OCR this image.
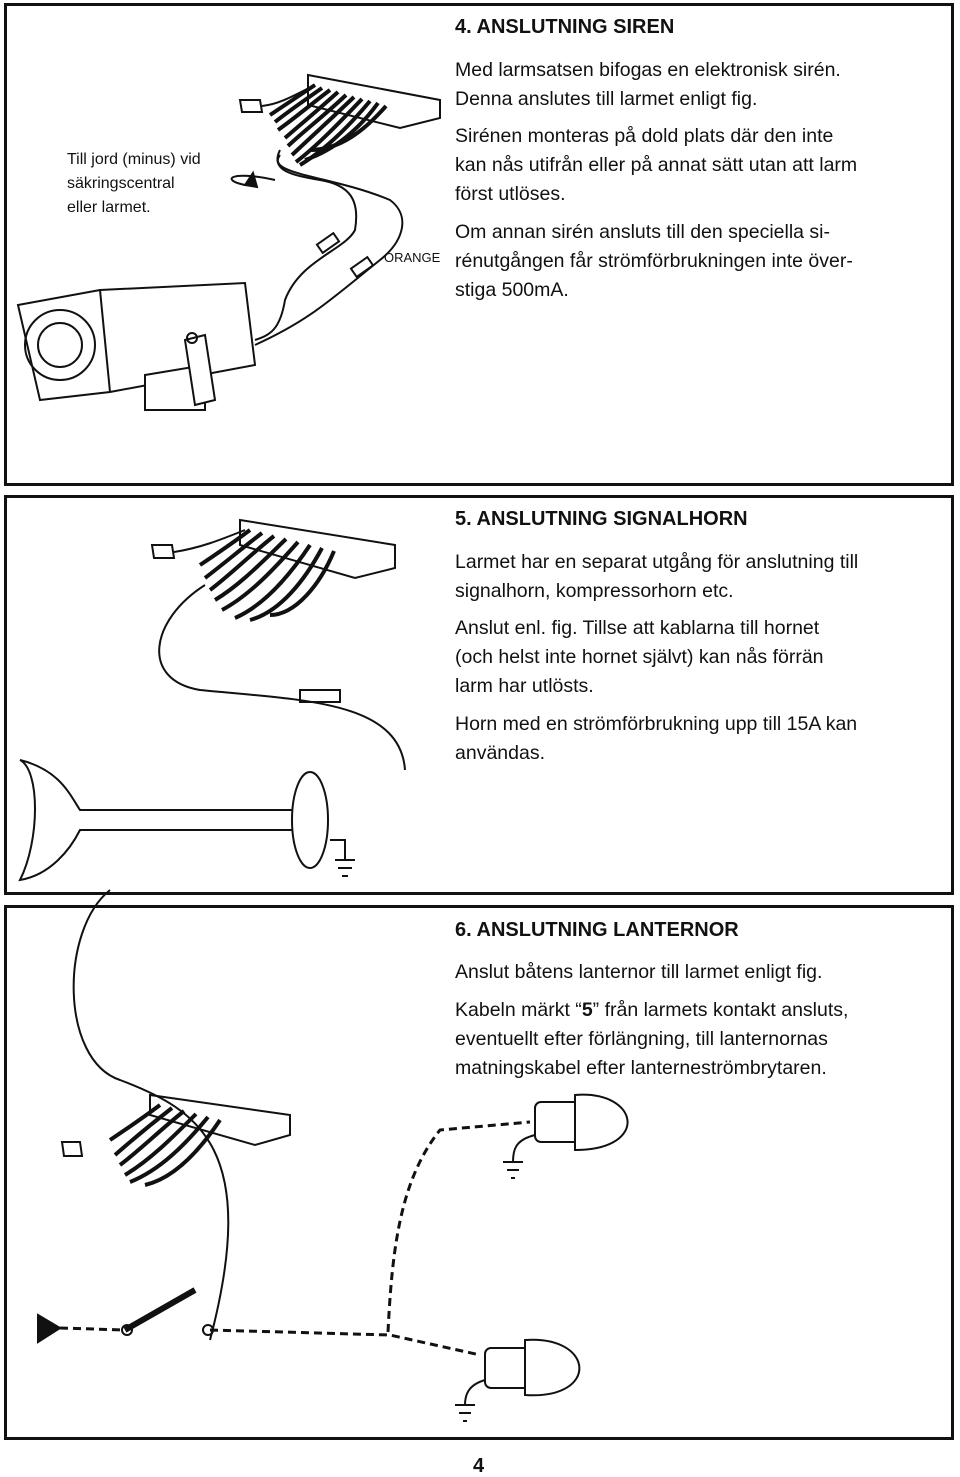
4. ANSLUTNING SIREN
Med larmsatsen bifogas en elektronisk sirén.
Denna anslutes till larmet enligt fig.
Sirénen monteras på dold plats där den inte
kan nås utifrån eller på annat sätt utan att larm
först utlöses.
Om annan sirén ansluts till den speciella si-
rénutgången får strömförbrukningen inte över-
stiga 500mA.
Till jord (minus) vid
säkringscentral
eller larmet.
ORANGE
5. ANSLUTNING SIGNALHORN
Larmet har en separat utgång för anslutning till
signalhorn, kompressorhorn etc.
Anslut enl. fig. Tillse att kablarna till hornet
(och helst inte hornet självt) kan nås förrän
larm har utlösts.
Horn med en strömförbrukning upp till 15A kan
användas.
6. ANSLUTNING LANTERNOR
Anslut båtens lanternor till larmet enligt fig.
Kabeln märkt “5” från larmets kontakt ansluts,
eventuellt efter förlängning, till lanternornas
matningskabel efter lanterneströmbrytaren.
4
